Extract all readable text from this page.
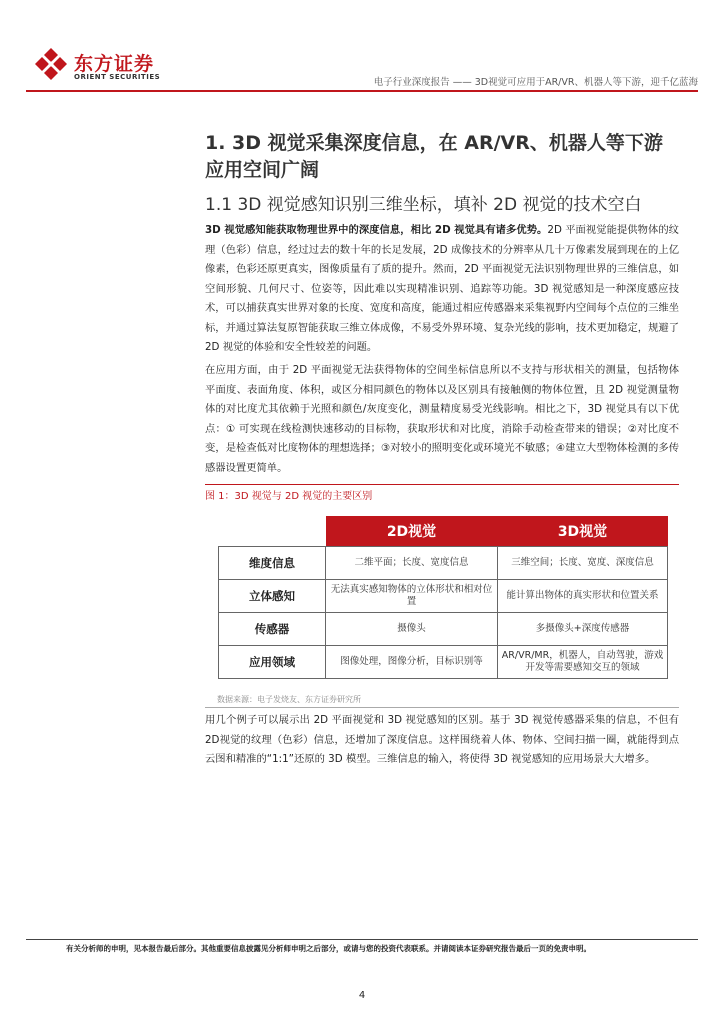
东方证券
ORIENT SECURITIES	电子行业深度报告 —— 3D视觉可应用于AR/VR、机器人等下游，迎千亿蓝海
1. 3D 视觉采集深度信息，在 AR/VR、机器人等下游应用空间广阔
1.1 3D 视觉感知识别三维坐标，填补 2D 视觉的技术空白
3D 视觉感知能获取物理世界中的深度信息，相比 2D 视觉具有诸多优势。2D 平面视觉能提供物体的纹理（色彩）信息，经过过去的数十年的长足发展，2D 成像技术的分辨率从几十万像素发展到现在的上亿像素，色彩还原更真实，图像质量有了质的提升。然而，2D 平面视觉无法识别物理世界的三维信息，如空间形貌、几何尺寸、位姿等，因此难以实现精准识别、追踪等功能。3D 视觉感知是一种深度感应技术，可以捕获真实世界对象的长度、宽度和高度，能通过相应传感器来采集视野内空间每个点位的三维坐标，并通过算法复原智能获取三维立体成像，不易受外界环境、复杂光线的影响，技术更加稳定，规避了 2D 视觉的体验和安全性较差的问题。
在应用方面，由于 2D 平面视觉无法获得物体的空间坐标信息所以不支持与形状相关的测量，包括物体平面度、表面角度、体积，或区分相同颜色的物体以及区别具有接触侧的物体位置，且 2D 视觉测量物体的对比度尤其依赖于光照和颜色/灰度变化，测量精度易受光线影响。相比之下，3D 视觉具有以下优点：① 可实现在线检测快速移动的目标物，获取形状和对比度，消除手动检查带来的错误；②对比度不变，是检查低对比度物体的理想选择；③对较小的照明变化或环境光不敏感；④建立大型物体检测的多传感器设置更简单。
图 1：3D 视觉与 2D 视觉的主要区别
	2D视觉	3D视觉
维度信息	二维平面；长度、宽度信息	三维空间；长度、宽度、深度信息
立体感知	无法真实感知物体的立体形状和相对位置	能计算出物体的真实形状和位置关系
传感器	摄像头	多摄像头+深度传感器
应用领域	图像处理，图像分析，目标识别等	AR/VR/MR，机器人，自动驾驶，游戏开发等需要感知交互的领域
数据来源：电子发烧友、东方证券研究所
用几个例子可以展示出 2D 平面视觉和 3D 视觉感知的区别。基于 3D 视觉传感器采集的信息，不但有2D视觉的纹理（色彩）信息，还增加了深度信息。这样围绕着人体、物体、空间扫描一圈，就能得到点云图和精准的“1:1”还原的 3D 模型。三维信息的输入，将使得 3D 视觉感知的应用场景大大增多。
有关分析师的申明，见本报告最后部分。其他重要信息披露见分析师申明之后部分，或请与您的投资代表联系。并请阅读本证券研究报告最后一页的免责申明。
4
